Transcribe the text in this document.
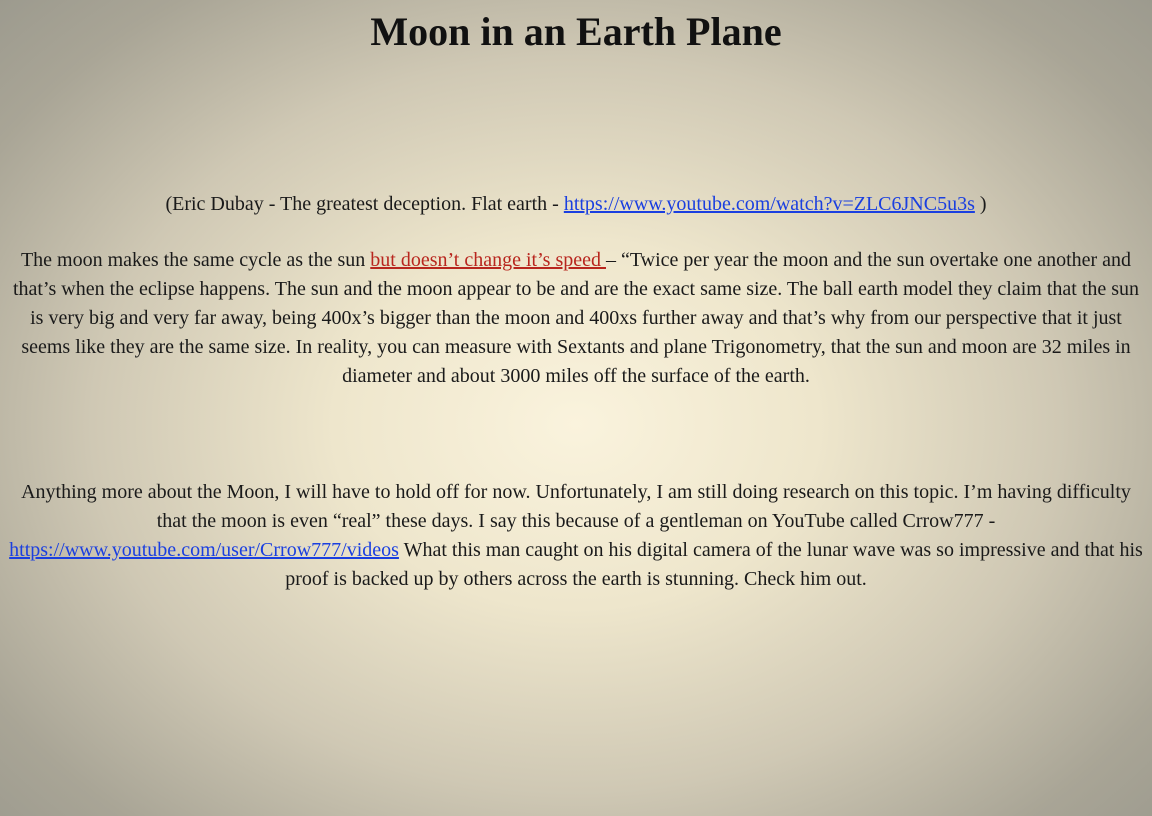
Moon in an Earth Plane

(Eric Dubay - The greatest deception. Flat earth - https://www.youtube.com/watch?v=ZLC6JNC5u3s )

The moon makes the same cycle as the sun but doesn’t change it’s speed – “Twice per year the moon and the sun overtake one another and that’s when the eclipse happens. The sun and the moon appear to be and are the exact same size. The ball earth model they claim that the sun is very big and very far away, being 400x’s bigger than the moon and 400xs further away and that’s why from our perspective that it just seems like they are the same size. In reality, you can measure with Sextants and plane Trigonometry, that the sun and moon are 32 miles in diameter and about 3000 miles off the surface of the earth.

Anything more about the Moon, I will have to hold off for now. Unfortunately, I am still doing research on this topic. I’m having difficulty that the moon is even “real” these days. I say this because of a gentleman on YouTube called Crrow777 - https://www.youtube.com/user/Crrow777/videos What this man caught on his digital camera of the lunar wave was so impressive and that his proof is backed up by others across the earth is stunning. Check him out.
